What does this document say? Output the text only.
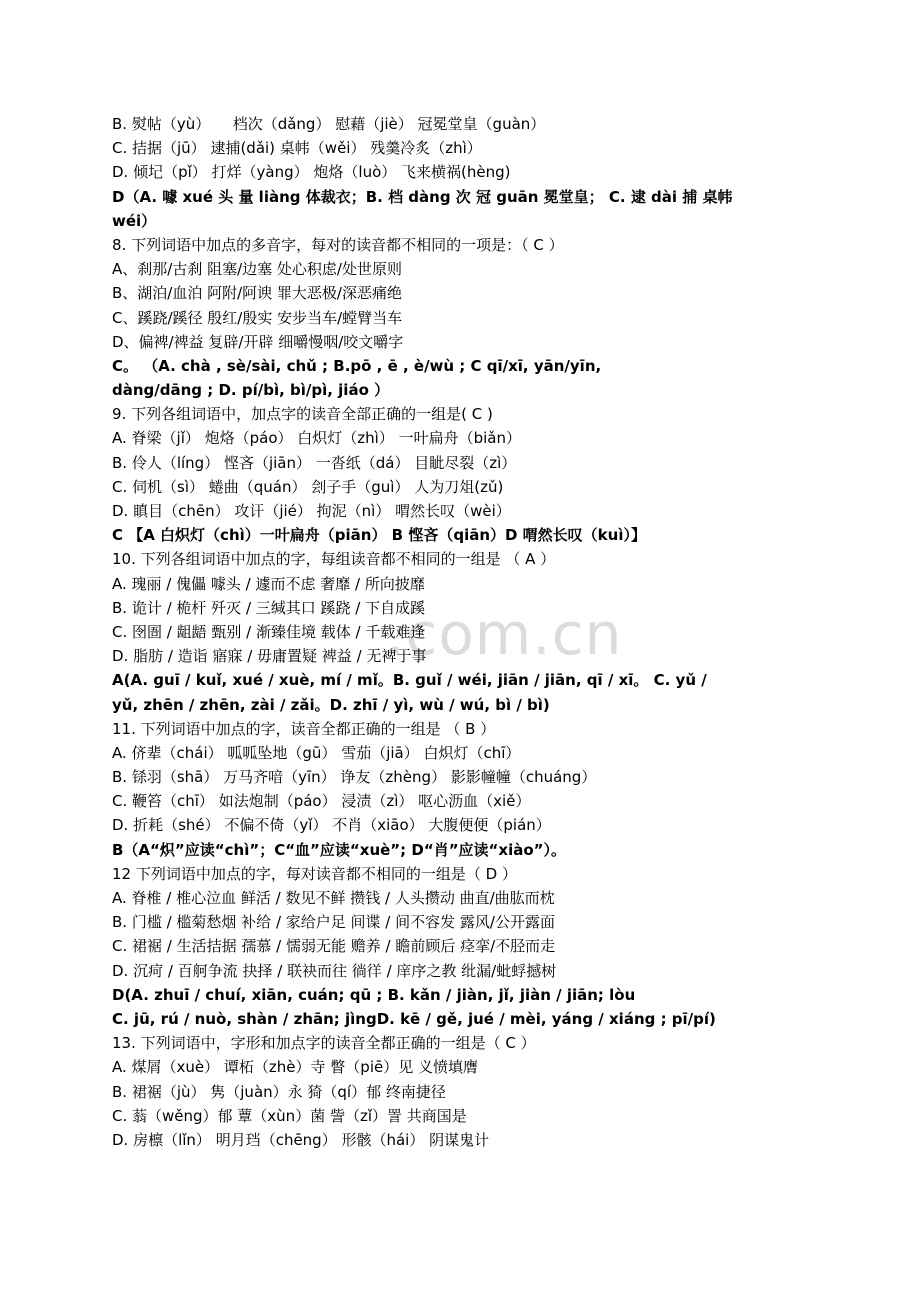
.com.cn
B. 熨帖（yù）　　档次（dǎng） 慰藉（jiè） 冠冕堂皇（guàn）
C. 拮据（jū） 逮捕(dǎi) 桌帏（wěi） 残羹冷炙（zhì）
D. 倾圮（pǐ） 打烊（yàng） 炮烙（luò） 飞来横祸(hèng)
D（A. 噱 xué 头 量 liàng 体裁衣；B. 档 dàng 次 冠 guān 冕堂皇； C. 逮 dài 捕 桌帏
wéi）
8. 下列词语中加点的多音字，每对的读音都不相同的一项是：（ C ）
A、刹那/古刹 阻塞/边塞 处心积虑/处世原则
B、湖泊/血泊 阿附/阿谀 罪大恶极/深恶痛绝
C、蹊跷/蹊径 殷红/殷实 安步当车/螳臂当车
D、偏裨/裨益 复辟/开辟 细嚼慢咽/咬文嚼字
C。 （A. chà , sè/sài, chǔ ; B.pō , ē , è/wù ; C qī/xī, yān/yīn,
dàng/dāng ; D. pí/bì, bì/pì, jiáo ）
9. 下列各组词语中，加点字的读音全部正确的一组是( C )
A. 脊梁（jǐ） 炮烙（páo） 白炽灯（zhì） 一叶扁舟（biǎn）
B. 伶人（líng） 悭吝（jiān） 一沓纸（dá） 目眦尽裂（zì）
C. 伺机（sì） 蜷曲（quán） 刽子手（guì） 人为刀俎(zǔ)
D. 瞋目（chēn） 攻讦（jié） 拘泥（nì） 喟然长叹（wèi）
C 【A 白炽灯（chì）一叶扁舟（piān） B 悭吝（qiān）D 喟然长叹（kuì）】
10. 下列各组词语中加点的字，每组读音都不相同的一组是 （ A ）
A. 瑰丽 / 傀儡 噱头 / 遽而不虑 奢靡 / 所向披靡
B. 诡计 / 桅杆 歼灭 / 三缄其口 蹊跷 / 下自成蹊
C. 囹圄 / 龃龉 甄别 / 渐臻佳境 载体 / 千载难逢
D. 脂肪 / 造诣 寤寐 / 毋庸置疑 裨益 / 无裨于事
A(A. ɡuī / kuǐ, xué / xuè, mí / mǐ。B. ɡuǐ / wéi, jiān / jiān, qī / xī。 C. yǔ /
yǔ, zhēn / zhēn, zài / zǎi。D. zhī / yì, wù / wú, bì / bì)
11. 下列词语中加点的字，读音全都正确的一组是 （ B ）
A. 侪辈（chái） 呱呱坠地（gū） 雪茄（jiā） 白炽灯（chī）
B. 铩羽（shā） 万马齐喑（yīn） 诤友（zhèng） 影影幢幢（chuáng）
C. 鞭笞（chī） 如法炮制（páo） 浸渍（zì） 呕心沥血（xiě）
D. 折耗（shé） 不偏不倚（yǐ） 不肖（xiāo） 大腹便便（pián）
B（A“炽”应读“chì”；C“血”应读“xuè”; D“肖”应读“xiào”）。
12 下列词语中加点的字，每对读音都不相同的一组是（ D ）
A. 脊椎 / 椎心泣血 鲜活 / 数见不鲜 攒钱 / 人头攒动 曲直/曲肱而枕
B. 门槛 / 槛菊愁烟 补给 / 家给户足 间谍 / 间不容发 露风/公开露面
C. 裙裾 / 生活拮据 孺慕 / 懦弱无能 赡养 / 瞻前顾后 痉挛/不胫而走
D. 沉疴 / 百舸争流 抉择 / 联袂而往 徜徉 / 庠序之教 纰漏/蚍蜉撼树
D(A. zhuī / chuí, xiān, cuán; qū ; B. kǎn / jiàn, jǐ, jiàn / jiān; lòu
C. jū, rú / nuò, shàn / zhān; jìngD. kē / gě, jué / mèi, yáng / xiáng ; pī/pí)
13. 下列词语中，字形和加点字的读音全都正确的一组是（ C ）
A. 煤屑（xuè） 谭柘（zhè）寺 瞥（piē）见 义愤填膺
B. 裙裾（jù） 隽（juàn）永 猗（qí）郁 终南捷径
C. 蓊（wěng）郁 蕈（xùn）菌 訾（zǐ）詈 共商国是
D. 房檩（lǐn） 明月珰（chēng） 形骸（hái） 阴谋鬼计
